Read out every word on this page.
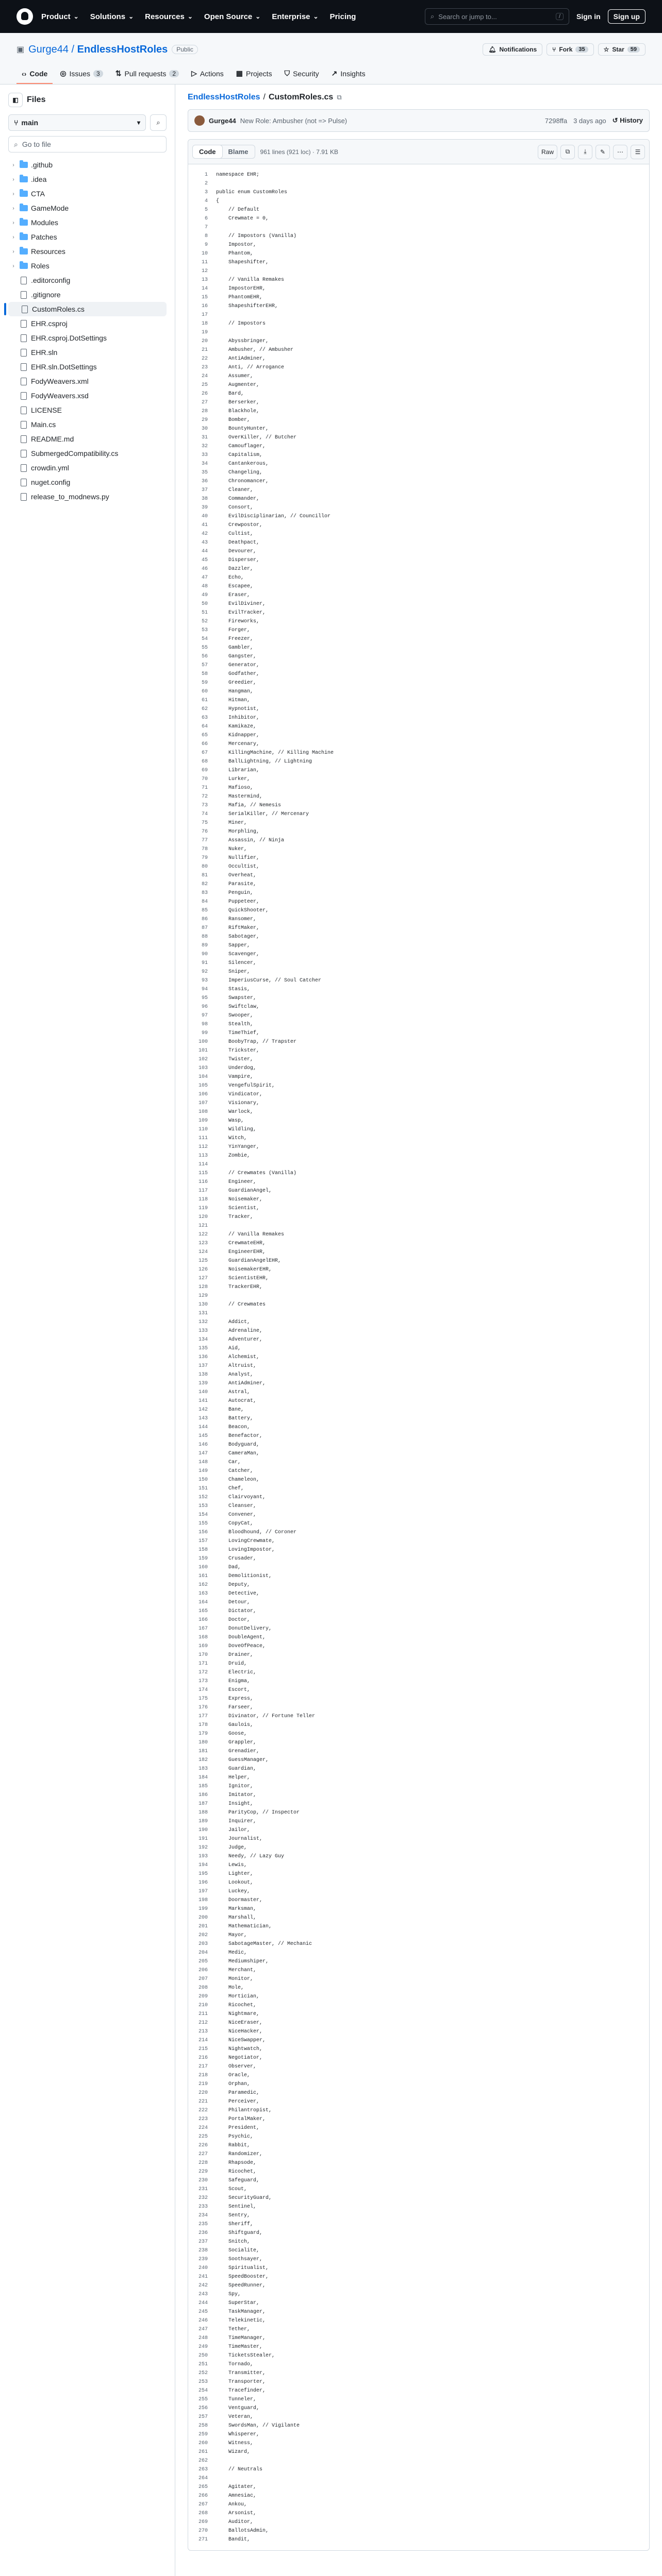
Product ⌄	Solutions ⌄	Resources ⌄	Open Source ⌄	Enterprise ⌄	Pricing	⌕ Search or jump to...	/	Sign in	Sign up
▣ Gurge44 / EndlessHostRoles	Public	🔔︎ Notifications	⑂ Fork	35	☆ Star	59
‹› Code ◎ Issues	3	⇅ Pull requests	2	▷ Actions ▦ Projects ⛉ Security ↗ Insights
◧	Files
⑂ main
▾	⌕
⌕ Go to file
›	.github
›	.idea
›	CTA
›	GameMode
›	Modules
›	Patches
›	Resources
›	Roles
.editorconfig
.gitignore
CustomRoles.cs
EHR.csproj
EHR.csproj.DotSettings
EHR.sln
EHR.sln.DotSettings
FodyWeavers.xml
FodyWeavers.xsd
LICENSE
Main.cs
README.md
SubmergedCompatibility.cs
crowdin.yml
nuget.config
release_to_modnews.py
EndlessHostRoles / CustomRoles.cs ⧉
Gurge44 New Role: Ambusher (not => Pulse)	7298ffa 3 days ago ↺ History
Code	Blame	961 lines (921 loc) · 7.91 KB	Raw	⧉	⤓	✎	⋯	☰
1	namespace EHR;
2
3	public enum CustomRoles
4	{
5	// Default
6	Crewmate = 0,
7
8	// Impostors (Vanilla)
9	Impostor,
10	Phantom,
11	Shapeshifter,
12
13	// Vanilla Remakes
14	ImpostorEHR,
15	PhantomEHR,
16	ShapeshifterEHR,
17
18	// Impostors
19
20	Abyssbringer,
21	Ambusher, // Ambusher
22	AntiAdminer,
23	Anti, // Arrogance
24	Assumer,
25	Augmenter,
26	Bard,
27	Berserker,
28	Blackhole,
29	Bomber,
30	BountyHunter,
31	OverKiller, // Butcher
32	Camouflager,
33	Capitalism,
34	Cantankerous,
35	Changeling,
36	Chronomancer,
37	Cleaner,
38	Commander,
39	Consort,
40	EvilDisciplinarian, // Councillor
41	Crewpostor,
42	Cultist,
43	Deathpact,
44	Devourer,
45	Disperser,
46	Dazzler,
47	Echo,
48	Escapee,
49	Eraser,
50	EvilDiviner,
51	EvilTracker,
52	Fireworks,
53	Forger,
54	Freezer,
55	Gambler,
56	Gangster,
57	Generator,
58	Godfather,
59	Greedier,
60	Hangman,
61	Hitman,
62	Hypnotist,
63	Inhibitor,
64	Kamikaze,
65	Kidnapper,
66	Mercenary,
67	KillingMachine, // Killing Machine
68	BallLightning, // Lightning
69	Librarian,
70	Lurker,
71	Mafioso,
72	Mastermind,
73	Mafia, // Nemesis
74	SerialKiller, // Mercenary
75	Miner,
76	Morphling,
77	Assassin, // Ninja
78	Nuker,
79	Nullifier,
80	Occultist,
81	Overheat,
82	Parasite,
83	Penguin,
84	Puppeteer,
85	QuickShooter,
86	Ransomer,
87	RiftMaker,
88	Sabotager,
89	Sapper,
90	Scavenger,
91	Silencer,
92	Sniper,
93	ImperiusCurse, // Soul Catcher
94	Stasis,
95	Swapster,
96	Swiftclaw,
97	Swooper,
98	Stealth,
99	TimeThief,
100	BoobyTrap, // Trapster
101	Trickster,
102	Twister,
103	Underdog,
104	Vampire,
105	VengefulSpirit,
106	Vindicator,
107	Visionary,
108	Warlock,
109	Wasp,
110	Wildling,
111	Witch,
112	YinYanger,
113	Zombie,
114
115	// Crewmates (Vanilla)
116	Engineer,
117	GuardianAngel,
118	Noisemaker,
119	Scientist,
120	Tracker,
121
122	// Vanilla Remakes
123	CrewmateEHR,
124	EngineerEHR,
125	GuardianAngelEHR,
126	NoisemakerEHR,
127	ScientistEHR,
128	TrackerEHR,
129
130	// Crewmates
131
132	Addict,
133	Adrenaline,
134	Adventurer,
135	Aid,
136	Alchemist,
137	Altruist,
138	Analyst,
139	AntiAdminer,
140	Astral,
141	Autocrat,
142	Bane,
143	Battery,
144	Beacon,
145	Benefactor,
146	Bodyguard,
147	CameraMan,
148	Car,
149	Catcher,
150	Chameleon,
151	Chef,
152	Clairvoyant,
153	Cleanser,
154	Convener,
155	CopyCat,
156	Bloodhound, // Coroner
157	LovingCrewmate,
158	LovingImpostor,
159	Crusader,
160	Dad,
161	Demolitionist,
162	Deputy,
163	Detective,
164	Detour,
165	Dictator,
166	Doctor,
167	DonutDelivery,
168	DoubleAgent,
169	DoveOfPeace,
170	Drainer,
171	Druid,
172	Electric,
173	Enigma,
174	Escort,
175	Express,
176	Farseer,
177	Divinator, // Fortune Teller
178	Gaulois,
179	Goose,
180	Grappler,
181	Grenadier,
182	GuessManager,
183	Guardian,
184	Helper,
185	Ignitor,
186	Imitator,
187	Insight,
188	ParityCop, // Inspector
189	Inquirer,
190	Jailor,
191	Journalist,
192	Judge,
193	Needy, // Lazy Guy
194	Lewis,
195	Lighter,
196	Lookout,
197	Luckey,
198	Doormaster,
199	Marksman,
200	Marshall,
201	Mathematician,
202	Mayor,
203	SabotageMaster, // Mechanic
204	Medic,
205	Mediumshiper,
206	Merchant,
207	Monitor,
208	Mole,
209	Mortician,
210	Ricochet,
211	Nightmare,
212	NiceEraser,
213	NiceHacker,
214	NiceSwapper,
215	Nightwatch,
216	Negotiator,
217	Observer,
218	Oracle,
219	Orphan,
220	Paramedic,
221	Perceiver,
222	Philantropist,
223	PortalMaker,
224	President,
225	Psychic,
226	Rabbit,
227	Randomizer,
228	Rhapsode,
229	Ricochet,
230	Safeguard,
231	Scout,
232	SecurityGuard,
233	Sentinel,
234	Sentry,
235	Sheriff,
236	Shiftguard,
237	Snitch,
238	Socialite,
239	Soothsayer,
240	Spiritualist,
241	SpeedBooster,
242	SpeedRunner,
243	Spy,
244	SuperStar,
245	TaskManager,
246	Telekinetic,
247	Tether,
248	TimeManager,
249	TimeMaster,
250	TicketsStealer,
251	Tornado,
252	Transmitter,
253	Transporter,
254	Tracefinder,
255	Tunneler,
256	Ventguard,
257	Veteran,
258	SwordsMan, // Vigilante
259	Whisperer,
260	Witness,
261	Wizard,
262
263	// Neutrals
264
265	Agitater,
266	Amnesiac,
267	Ankou,
268	Arsonist,
269	Auditor,
270	BallotsAdmin,
271	Bandit,
